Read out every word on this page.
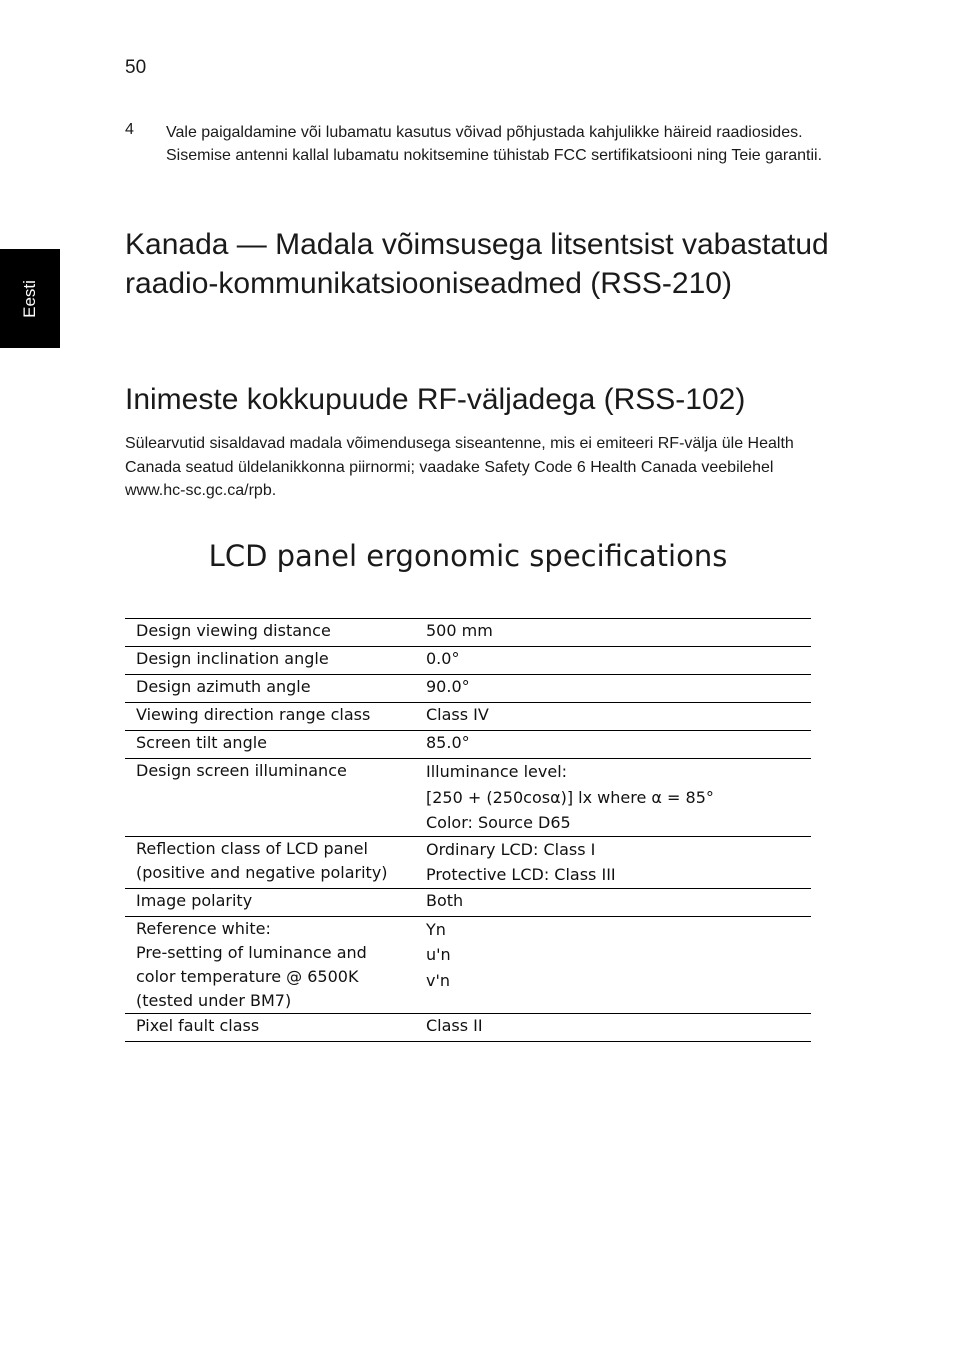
50
4 Vale paigaldamine või lubamatu kasutus võivad põhjustada kahjulikke häireid raadiosides. Sisemise antenni kallal lubamatu nokitsemine tühistab FCC sertifikatsiooni ning Teie garantii.
Eesti
Kanada — Madala võimsusega litsentsist vabastatud raadio-kommunikatsiooniseadmed (RSS-210)
Inimeste kokkupuude RF-väljadega (RSS-102)
Sülearvutid sisaldavad madala võimendusega siseantenne, mis ei emiteeri RF-välja üle Health Canada seatud üldelanikkonna piirnormi; vaadake Safety Code 6 Health Canada veebilehel www.hc-sc.gc.ca/rpb.
LCD panel ergonomic specifications
Design viewing distance	500 mm

Design inclination angle	0.0°

Design azimuth angle	90.0°

Viewing direction range class	Class IV

Screen tilt angle	85.0°

Design screen illuminance	Illuminance level:
[250 + (250cosα)] lx where α = 85°
Color: Source D65

Reflection class of LCD panel
(positive and negative polarity)	Ordinary LCD: Class I
Protective LCD: Class III

Image polarity	Both

Reference white:
Pre-setting of luminance and
color temperature @ 6500K
(tested under BM7)	Yn
u'n
v'n

Pixel fault class	Class II
